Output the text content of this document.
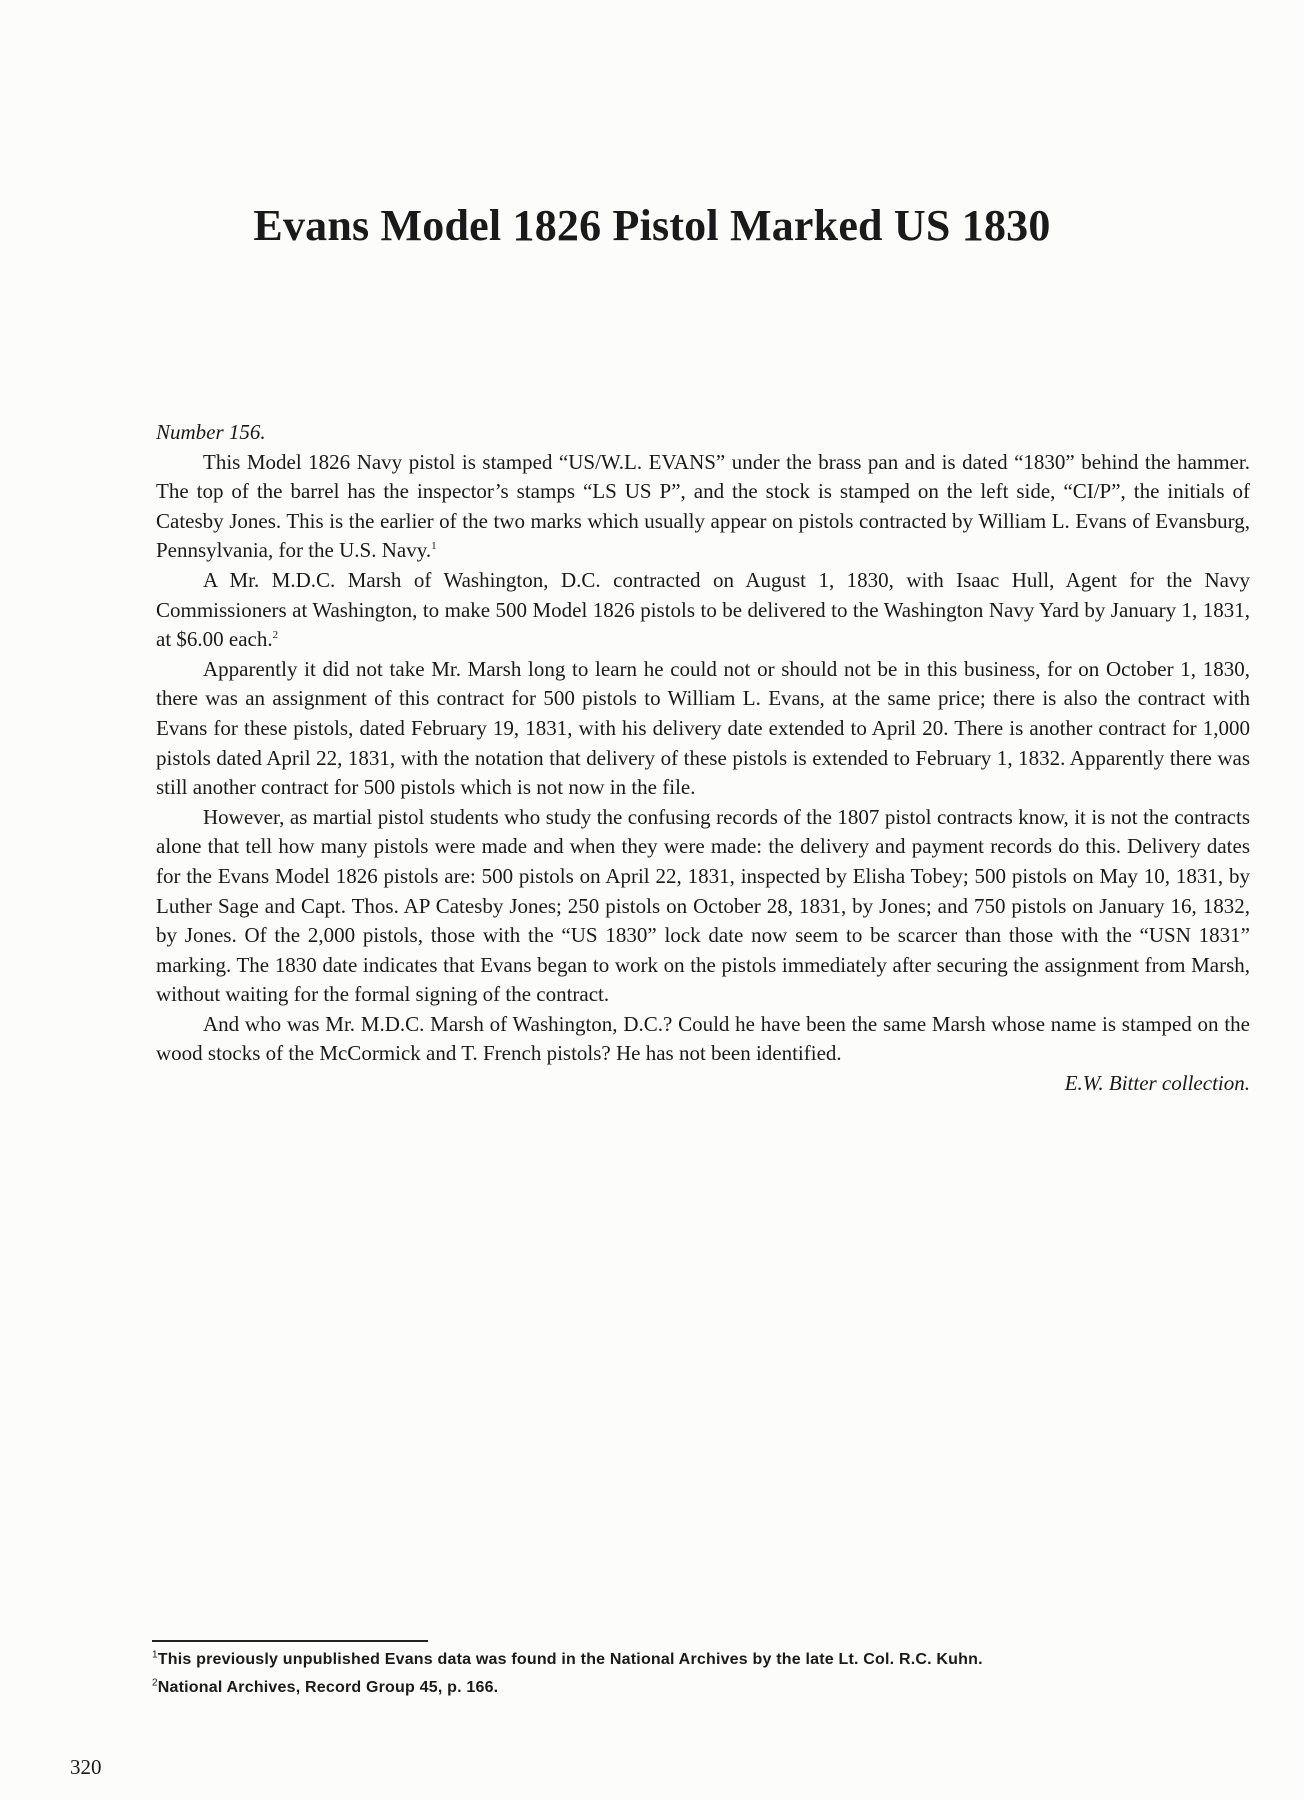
Evans Model 1826 Pistol Marked US 1830

Number 156.

This Model 1826 Navy pistol is stamped “US/W.L. EVANS” under the brass pan and is dated “1830” behind the hammer. The top of the barrel has the inspector’s stamps “LS US P”, and the stock is stamped on the left side, “CI/P”, the initials of Catesby Jones. This is the earlier of the two marks which usually appear on pistols contracted by William L. Evans of Evansburg, Pennsylvania, for the U.S. Navy.$^1$

A Mr. M.D.C. Marsh of Washington, D.C. contracted on August 1, 1830, with Isaac Hull, Agent for the Navy Commissioners at Washington, to make 500 Model 1826 pistols to be delivered to the Washington Navy Yard by January 1, 1831, at $6.00 each.$^2$

Apparently it did not take Mr. Marsh long to learn he could not or should not be in this business, for on October 1, 1830, there was an assignment of this contract for 500 pistols to William L. Evans, at the same price; there is also the contract with Evans for these pistols, dated February 19, 1831, with his delivery date extended to April 20. There is another contract for 1,000 pistols dated April 22, 1831, with the notation that delivery of these pistols is extended to February 1, 1832. Apparently there was still another contract for 500 pistols which is not now in the file.

However, as martial pistol students who study the confusing records of the 1807 pistol contracts know, it is not the contracts alone that tell how many pistols were made and when they were made: the delivery and payment records do this. Delivery dates for the Evans Model 1826 pistols are: 500 pistols on April 22, 1831, inspected by Elisha Tobey; 500 pistols on May 10, 1831, by Luther Sage and Capt. Thos. AP Catesby Jones; 250 pistols on October 28, 1831, by Jones; and 750 pistols on January 16, 1832, by Jones. Of the 2,000 pistols, those with the “US 1830” lock date now seem to be scarcer than those with the “USN 1831” marking. The 1830 date indicates that Evans began to work on the pistols immediately after securing the assignment from Marsh, without waiting for the formal signing of the contract.

And who was Mr. M.D.C. Marsh of Washington, D.C.? Could he have been the same Marsh whose name is stamped on the wood stocks of the McCormick and T. French pistols? He has not been identified.

E.W. Bitter collection.

$^1$This previously unpublished Evans data was found in the National Archives by the late Lt. Col. R.C. Kuhn.
$^2$National Archives, Record Group 45, p. 166.
320
